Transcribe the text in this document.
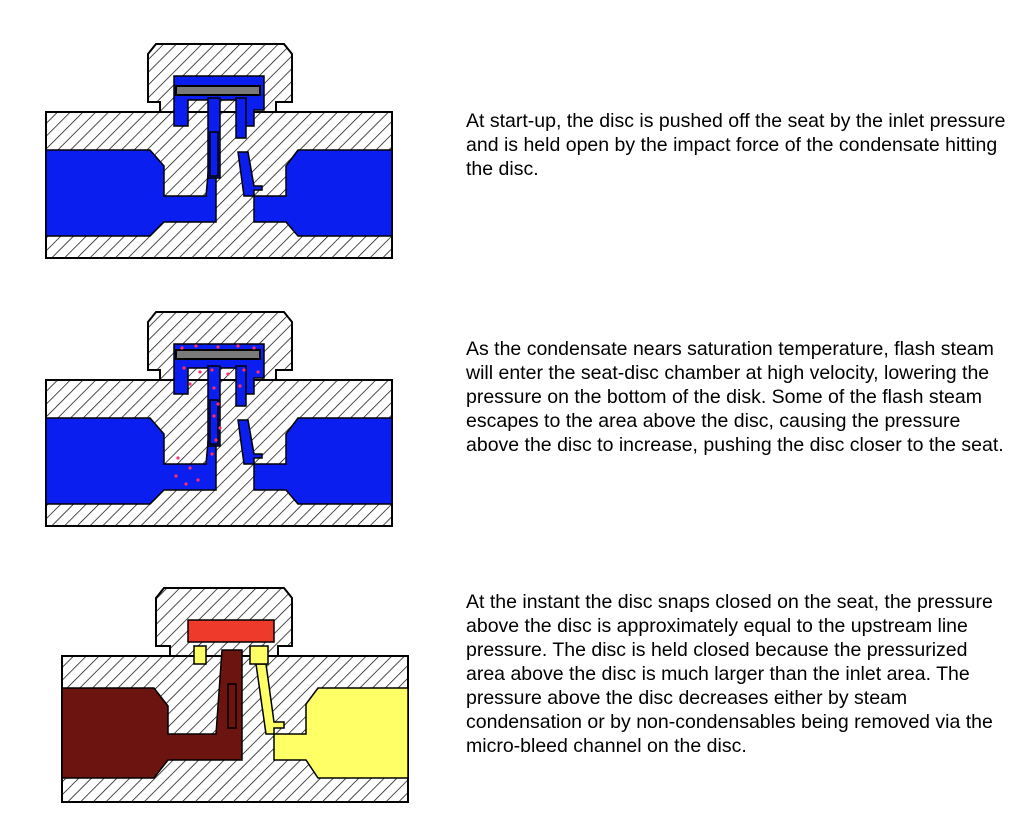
At start-up, the disc is pushed off the seat by the inlet pressure and is held open by the impact force of the condensate hitting the disc.

As the condensate nears saturation temperature, flash steam will enter the seat-disc chamber at high velocity, lowering the pressure on the bottom of the disk. Some of the flash steam escapes to the area above the disc, causing the pressure above the disc to increase, pushing the disc closer to the seat.

At the instant the disc snaps closed on the seat, the pressure above the disc is approximately equal to the upstream line pressure. The disc is held closed because the pressurized area above the disc is much larger than the inlet area. The pressure above the disc decreases either by steam condensation or by non-condensables being removed via the micro-bleed channel on the disc.
